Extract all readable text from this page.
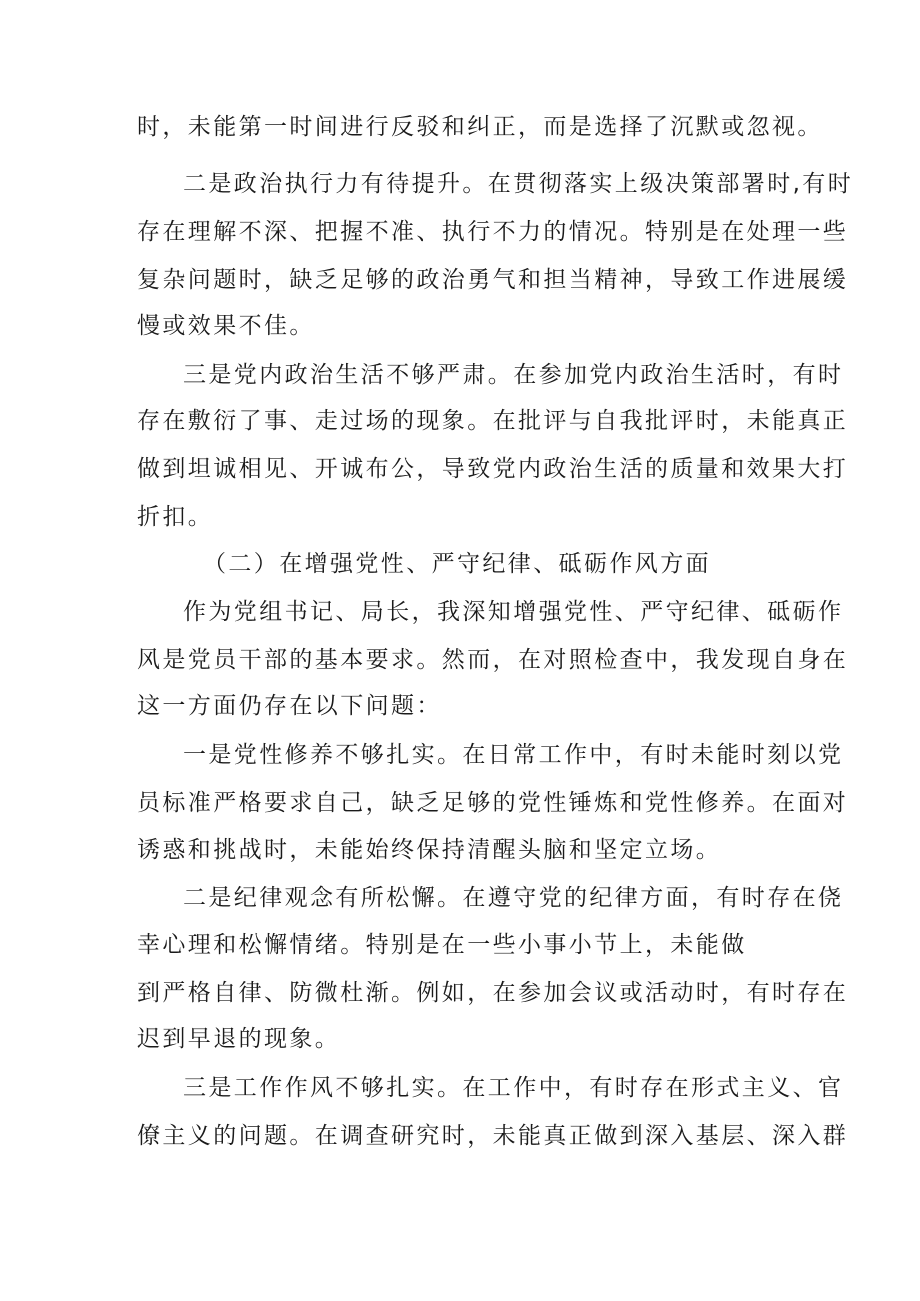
时，未能第一时间进行反驳和纠正，而是选择了沉默或忽视。
二是政治执行力有待提升。在贯彻落实上级决策部署时,有时
存在理解不深、把握不准、执行不力的情况。特别是在处理一些
复杂问题时，缺乏足够的政治勇气和担当精神，导致工作进展缓
慢或效果不佳。
三是党内政治生活不够严肃。在参加党内政治生活时，有时
存在敷衍了事、走过场的现象。在批评与自我批评时，未能真正
做到坦诚相见、开诚布公，导致党内政治生活的质量和效果大打
折扣。
（二）在增强党性、严守纪律、砥砺作风方面
作为党组书记、局长，我深知增强党性、严守纪律、砥砺作
风是党员干部的基本要求。然而，在对照检查中，我发现自身在
这一方面仍存在以下问题：
一是党性修养不够扎实。在日常工作中，有时未能时刻以党
员标准严格要求自己，缺乏足够的党性锤炼和党性修养。在面对
诱惑和挑战时，未能始终保持清醒头脑和坚定立场。
二是纪律观念有所松懈。在遵守党的纪律方面，有时存在侥
幸心理和松懈情绪。特别是在一些小事小节上，未能做
到严格自律、防微杜渐。例如，在参加会议或活动时，有时存在
迟到早退的现象。
三是工作作风不够扎实。在工作中，有时存在形式主义、官
僚主义的问题。在调查研究时，未能真正做到深入基层、深入群
